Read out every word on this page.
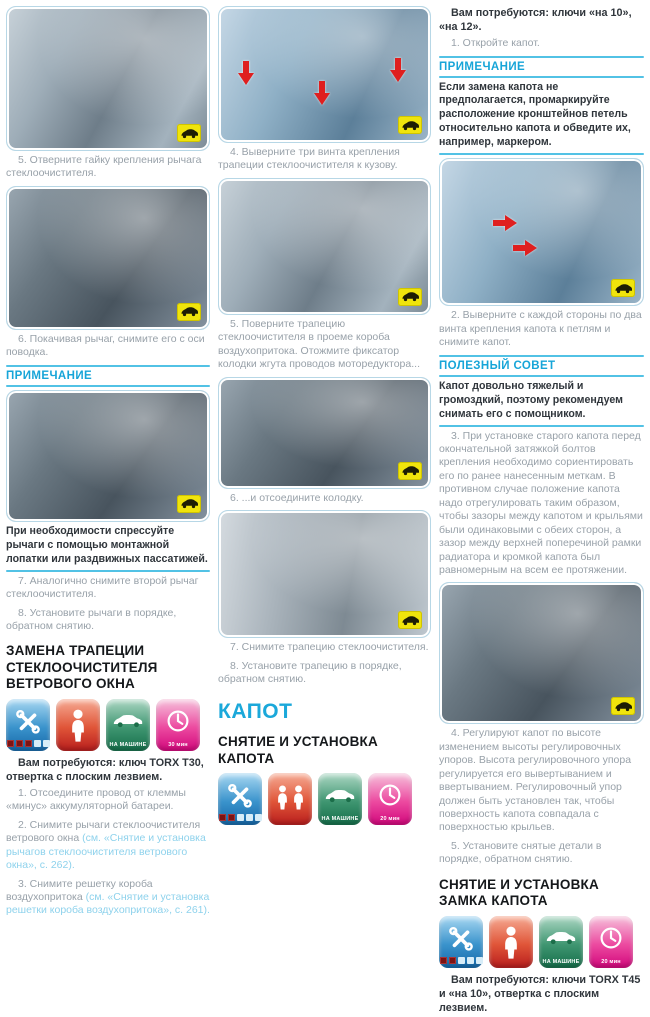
5. Отверните гайку крепления рычага стеклоочистителя.

6. Покачивая рычаг, снимите его с оси поводка.

ПРИМЕЧАНИЕ

При необходимости спрессуйте рычаги с помощью монтажной лопатки или раздвижных пассатижей.

7. Аналогично снимите второй рычаг стеклоочистителя.

8. Установите рычаги в порядке, обратном снятию.

ЗАМЕНА ТРАПЕЦИИ СТЕКЛООЧИСТИТЕЛЯ ВЕТРОВОГО ОКНА
НА МАШИНЕ	30 мин

Вам потребуются: ключ TORX T30, отвертка с плоским лезвием.

1. Отсоедините провод от клеммы «минус» аккумуляторной батареи.

2. Снимите рычаги стеклоочистителя ветрового окна (см. «Снятие и установка рычагов стеклоочистителя ветрового окна», с. 262).

3. Снимите решетку короба воздухопритока (см. «Снятие и установка решетки короба воздухопритока», с. 261).

4. Выверните три винта крепления трапеции стеклоочистителя к кузову.

5. Поверните трапецию стеклоочистителя в проеме короба воздухопритока. Отожмите фиксатор колодки жгута проводов моторедуктора...

6. ...и отсоедините колодку.

7. Снимите трапецию стеклоочистителя.

8. Установите трапецию в порядке, обратном снятию.

КАПОТ
СНЯТИЕ И УСТАНОВКА КАПОТА
НА МАШИНЕ	20 мин

Вам потребуются: ключи «на 10», «на 12».

1. Откройте капот.

ПРИМЕЧАНИЕ

Если замена капота не предполагается, промаркируйте расположение кронштейнов петель относительно капота и обведите их, например, маркером.

2. Выверните с каждой стороны по два винта крепления капота к петлям и снимите капот.

ПОЛЕЗНЫЙ СОВЕТ

Капот довольно тяжелый и громоздкий, поэтому рекомендуем снимать его с помощником.

3. При установке старого капота перед окончательной затяжкой болтов крепления необходимо сориентировать его по ранее нанесенным меткам. В противном случае положение капота надо отрегулировать таким образом, чтобы зазоры между капотом и крыльями были одинаковыми с обеих сторон, а зазор между верхней поперечиной рамки радиатора и кромкой капота был равномерным на всем ее протяжении.

4. Регулируют капот по высоте изменением высоты регулировочных упоров. Высота регулировочного упора регулируется его вывертыванием и ввертыванием. Регулировочный упор должен быть установлен так, чтобы поверхность капота совпадала с поверхностью крыльев.

5. Установите снятые детали в порядке, обратном снятию.

СНЯТИЕ И УСТАНОВКА ЗАМКА КАПОТА
НА МАШИНЕ	20 мин

Вам потребуются: ключи TORX T45 и «на 10», отвертка с плоским лезвием.
